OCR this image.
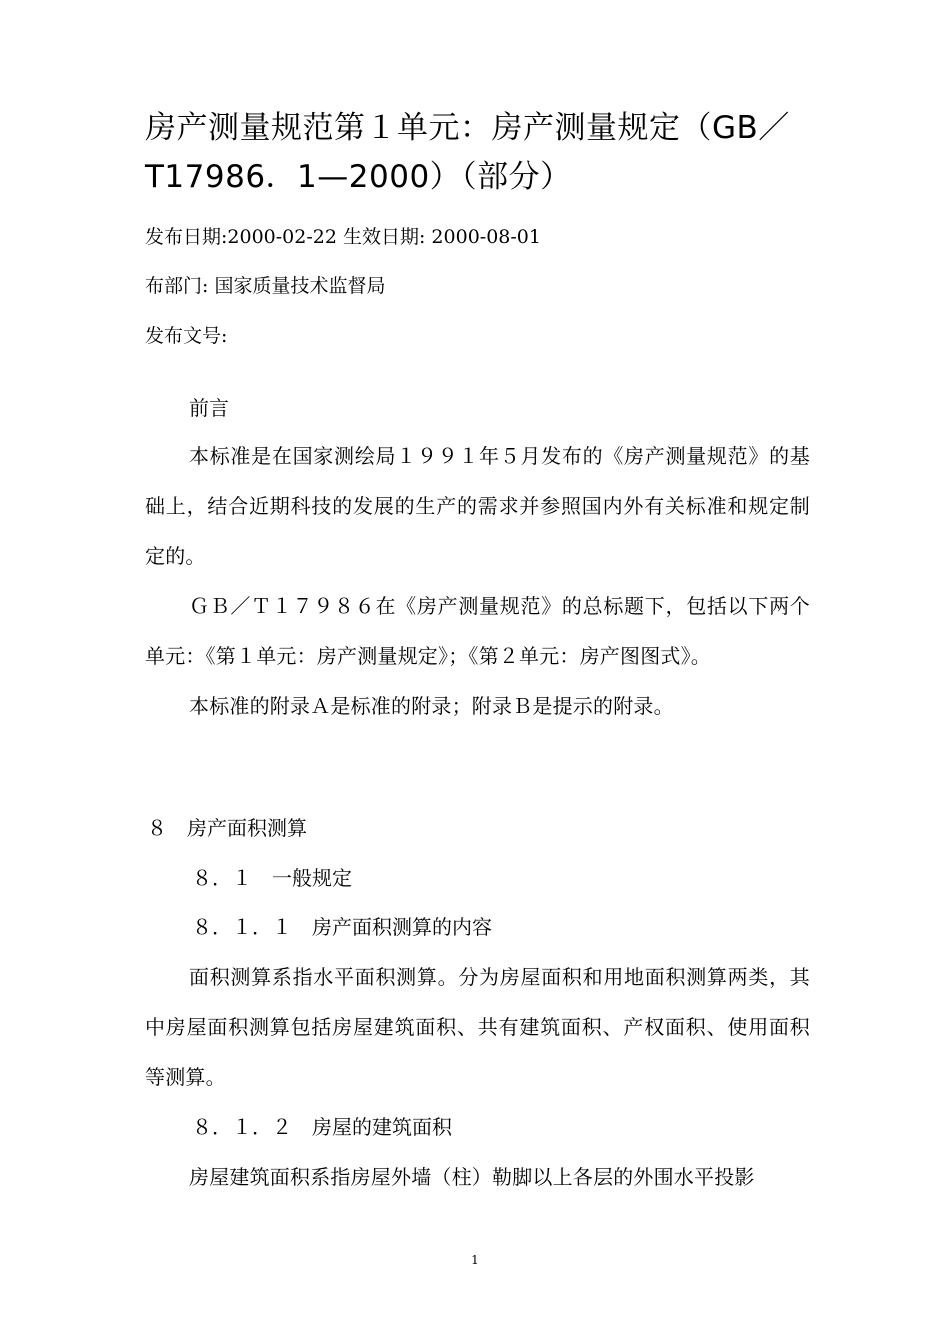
房产测量规范第１单元：房产测量规定（GB／T17986．1—2000）（部分）

发布日期:2000-02-22 生效日期: 2000-08-01

布部门: 国家质量技术监督局

发布文号:

前言

本标准是在国家测绘局１９９１年５月发布的《房产测量规范》的基础上，结合近期科技的发展的生产的需求并参照国内外有关标准和规定制定的。

ＧＢ／Ｔ１７９８６在《房产测量规范》的总标题下，包括以下两个单元：《第１单元：房产测量规定》；《第２单元：房产图图式》。

本标准的附录Ａ是标准的附录；附录Ｂ是提示的附录。

８　房产面积测算

８．１　一般规定

８．１．１　房产面积测算的内容

面积测算系指水平面积测算。分为房屋面积和用地面积测算两类，其中房屋面积测算包括房屋建筑面积、共有建筑面积、产权面积、使用面积等测算。

８．１．２　房屋的建筑面积

房屋建筑面积系指房屋外墙（柱）勒脚以上各层的外围水平投影

1
